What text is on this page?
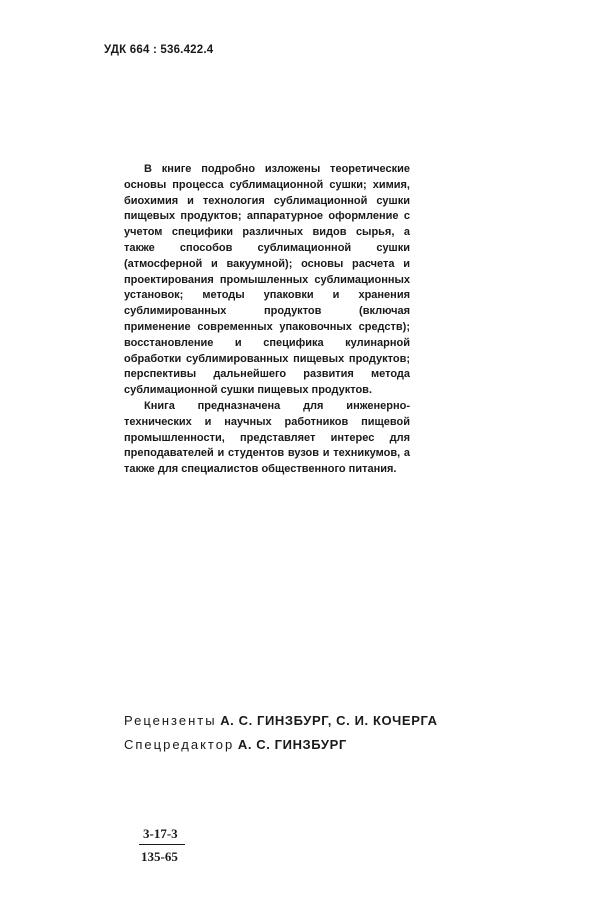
УДК 664 : 536.422.4

В книге подробно изложены теоретические основы процесса сублимационной сушки; химия, биохимия и технология сублимационной сушки пищевых продуктов; аппаратурное оформление с учетом специфики различных видов сырья, а также способов сублимационной сушки (атмосферной и вакуумной); основы расчета и проектирования промышленных сублимационных установок; методы упаковки и хранения сублимированных продуктов (включая применение современных упаковочных средств); восстановление и специфика кулинарной обработки сублимированных пищевых продуктов; перспективы дальнейшего развития метода сублимационной сушки пищевых продуктов.

Книга предназначена для инженерно-технических и научных работников пищевой промышленности, представляет интерес для преподавателей и студентов вузов и техникумов, а также для специалистов общественного питания.

Рецензенты А. С. ГИНЗБУРГ, С. И. КОЧЕРГА
Спецредактор А. С. ГИНЗБУРГ
3-17-3
135-65
